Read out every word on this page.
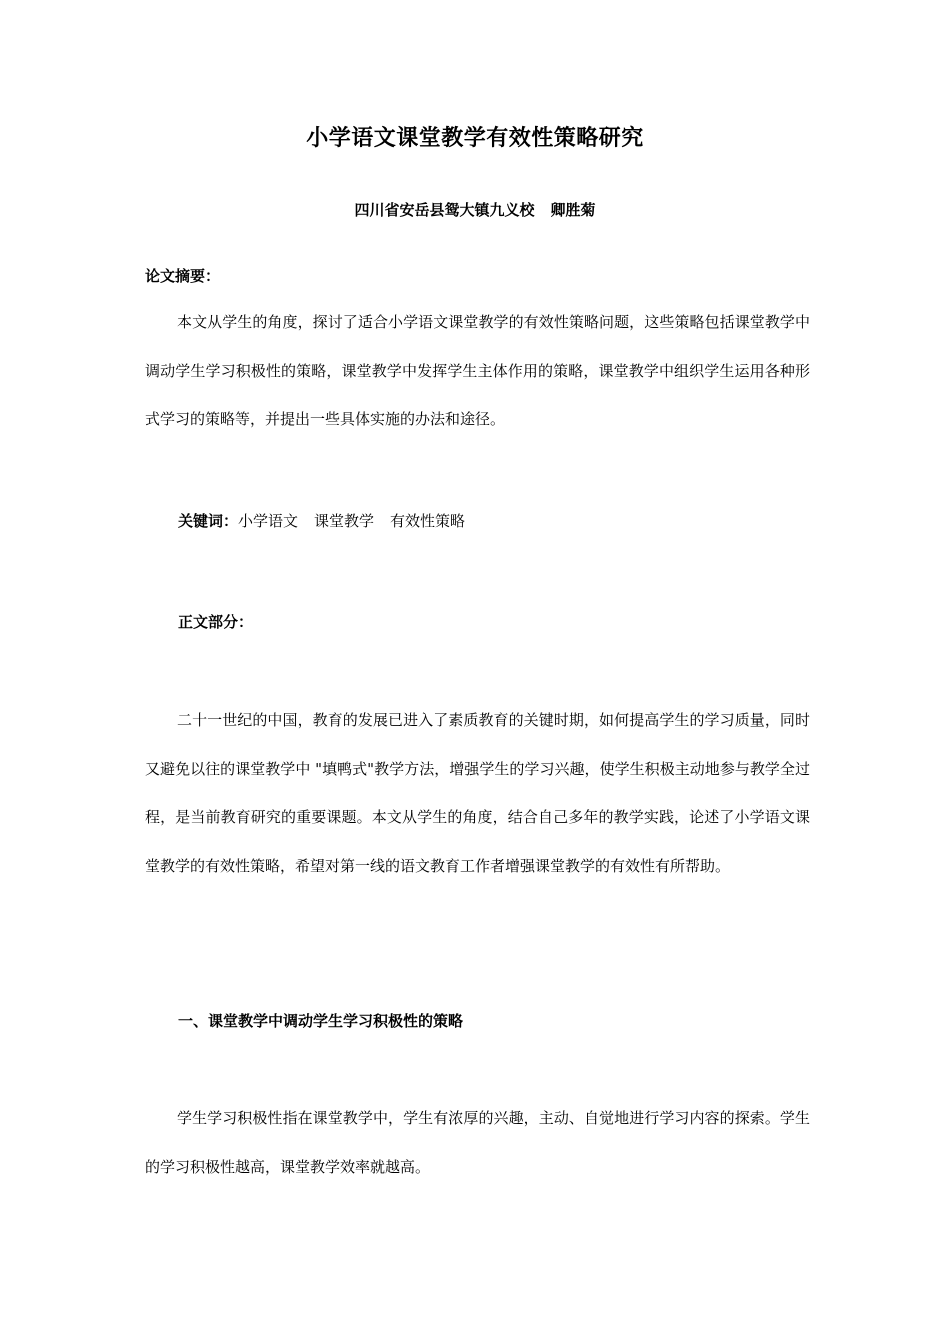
小学语文课堂教学有效性策略研究
四川省安岳县鸳大镇九义校 卿胜菊
论文摘要：
本文从学生的角度，探讨了适合小学语文课堂教学的有效性策略问题，这些策略包括课堂教学中调动学生学习积极性的策略，课堂教学中发挥学生主体作用的策略，课堂教学中组织学生运用各种形式学习的策略等，并提出一些具体实施的办法和途径。
关键词：小学语文 课堂教学 有效性策略
正文部分：
二十一世纪的中国，教育的发展已进入了素质教育的关键时期，如何提高学生的学习质量，同时又避免以往的课堂教学中 "填鸭式"教学方法，增强学生的学习兴趣，使学生积极主动地参与教学全过程，是当前教育研究的重要课题。本文从学生的角度，结合自己多年的教学实践，论述了小学语文课堂教学的有效性策略，希望对第一线的语文教育工作者增强课堂教学的有效性有所帮助。
一、课堂教学中调动学生学习积极性的策略
学生学习积极性指在课堂教学中，学生有浓厚的兴趣，主动、自觉地进行学习内容的探索。学生的学习积极性越高，课堂教学效率就越高。
